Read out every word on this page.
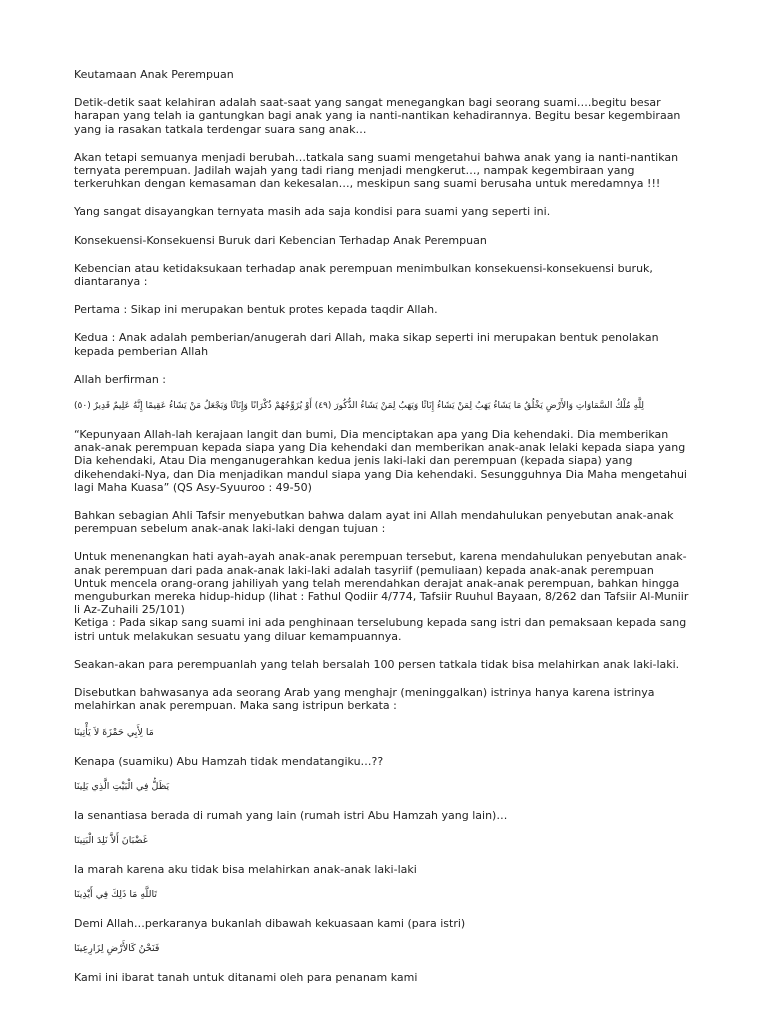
Keutamaan Anak Perempuan

Detik-detik saat kelahiran adalah saat-saat yang sangat menegangkan bagi seorang suami….begitu besar
harapan yang telah ia gantungkan bagi anak yang ia nanti-nantikan kehadirannya. Begitu besar kegembiraan
yang ia rasakan tatkala terdengar suara sang anak…

Akan tetapi semuanya menjadi berubah…tatkala sang suami mengetahui bahwa anak yang ia nanti-nantikan
ternyata perempuan. Jadilah wajah yang tadi riang menjadi mengkerut…, nampak kegembiraan yang
terkeruhkan dengan kemasaman dan kekesalan…, meskipun sang suami berusaha untuk meredamnya !!!

Yang sangat disayangkan ternyata masih ada saja kondisi para suami yang seperti ini.

Konsekuensi-Konsekuensi Buruk dari Kebencian Terhadap Anak Perempuan

Kebencian atau ketidaksukaan terhadap anak perempuan menimbulkan konsekuensi-konsekuensi buruk,
diantaranya :

Pertama : Sikap ini merupakan bentuk protes kepada taqdir Allah.

Kedua : Anak adalah pemberian/anugerah dari Allah, maka sikap seperti ini merupakan bentuk penolakan
kepada pemberian Allah

Allah berfirman :

لِلَّهِ مُلْكُ السَّمَاوَاتِ وَالأَرْضِ يَخْلُقُ مَا يَشَاءُ يَهَبُ لِمَنْ يَشَاءُ إِنَاثًا وَيَهَبُ لِمَنْ يَشَاءُ الذُّكُورَ (٤٩) أَوْ يُزَوِّجُهُمْ ذُكْرَانًا وَإِنَاثًا وَيَجْعَلُ مَنْ يَشَاءُ عَقِيمًا إِنَّهُ عَلِيمٌ قَدِيرٌ (٥٠)

“Kepunyaan Allah-lah kerajaan langit dan bumi, Dia menciptakan apa yang Dia kehendaki. Dia memberikan
anak-anak perempuan kepada siapa yang Dia kehendaki dan memberikan anak-anak lelaki kepada siapa yang
Dia kehendaki, Atau Dia menganugerahkan kedua jenis laki-laki dan perempuan (kepada siapa) yang
dikehendaki-Nya, dan Dia menjadikan mandul siapa yang Dia kehendaki. Sesungguhnya Dia Maha mengetahui
lagi Maha Kuasa” (QS Asy-Syuuroo : 49-50)

Bahkan sebagian Ahli Tafsir menyebutkan bahwa dalam ayat ini Allah mendahulukan penyebutan anak-anak
perempuan sebelum anak-anak laki-laki dengan tujuan :

Untuk menenangkan hati ayah-ayah anak-anak perempuan tersebut, karena mendahulukan penyebutan anak-
anak perempuan dari pada anak-anak laki-laki adalah tasyriif (pemuliaan) kepada anak-anak perempuan
Untuk mencela orang-orang jahiliyah yang telah merendahkan derajat anak-anak perempuan, bahkan hingga
menguburkan mereka hidup-hidup (lihat : Fathul Qodiir 4/774, Tafsiir Ruuhul Bayaan, 8/262 dan Tafsiir Al-Muniir
li Az-Zuhaili 25/101)
Ketiga : Pada sikap sang suami ini ada penghinaan terselubung kepada sang istri dan pemaksaan kepada sang
istri untuk melakukan sesuatu yang diluar kemampuannya.

Seakan-akan para perempuanlah yang telah bersalah 100 persen tatkala tidak bisa melahirkan anak laki-laki.

Disebutkan bahwasanya ada seorang Arab yang menghajr (meninggalkan) istrinya hanya karena istrinya
melahirkan anak perempuan. Maka sang istripun berkata :

مَا لِأَبِي حَمْزَةَ لاَ يَأْتِينَا

Kenapa (suamiku) Abu Hamzah tidak mendatangiku…??

يَظَلُّ فِي الْبَيْتِ الَّذِي يَلِينَا

Ia senantiasa berada di rumah yang lain (rumah istri Abu Hamzah yang lain)…

غَضْبَانَ أَلاَّ نَلِدَ الْبَنِينَا

Ia marah karena aku tidak bisa melahirkan anak-anak laki-laki

تَاللَّهِ مَا ذَلِكَ فِي أَيْدِينَا

Demi Allah…perkaranya bukanlah dibawah kekuasaan kami (para istri)

فَنَحْنُ كَالأَرْضِ لِزَارِعِينَا

Kami ini ibarat tanah untuk ditanami oleh para penanam kami
